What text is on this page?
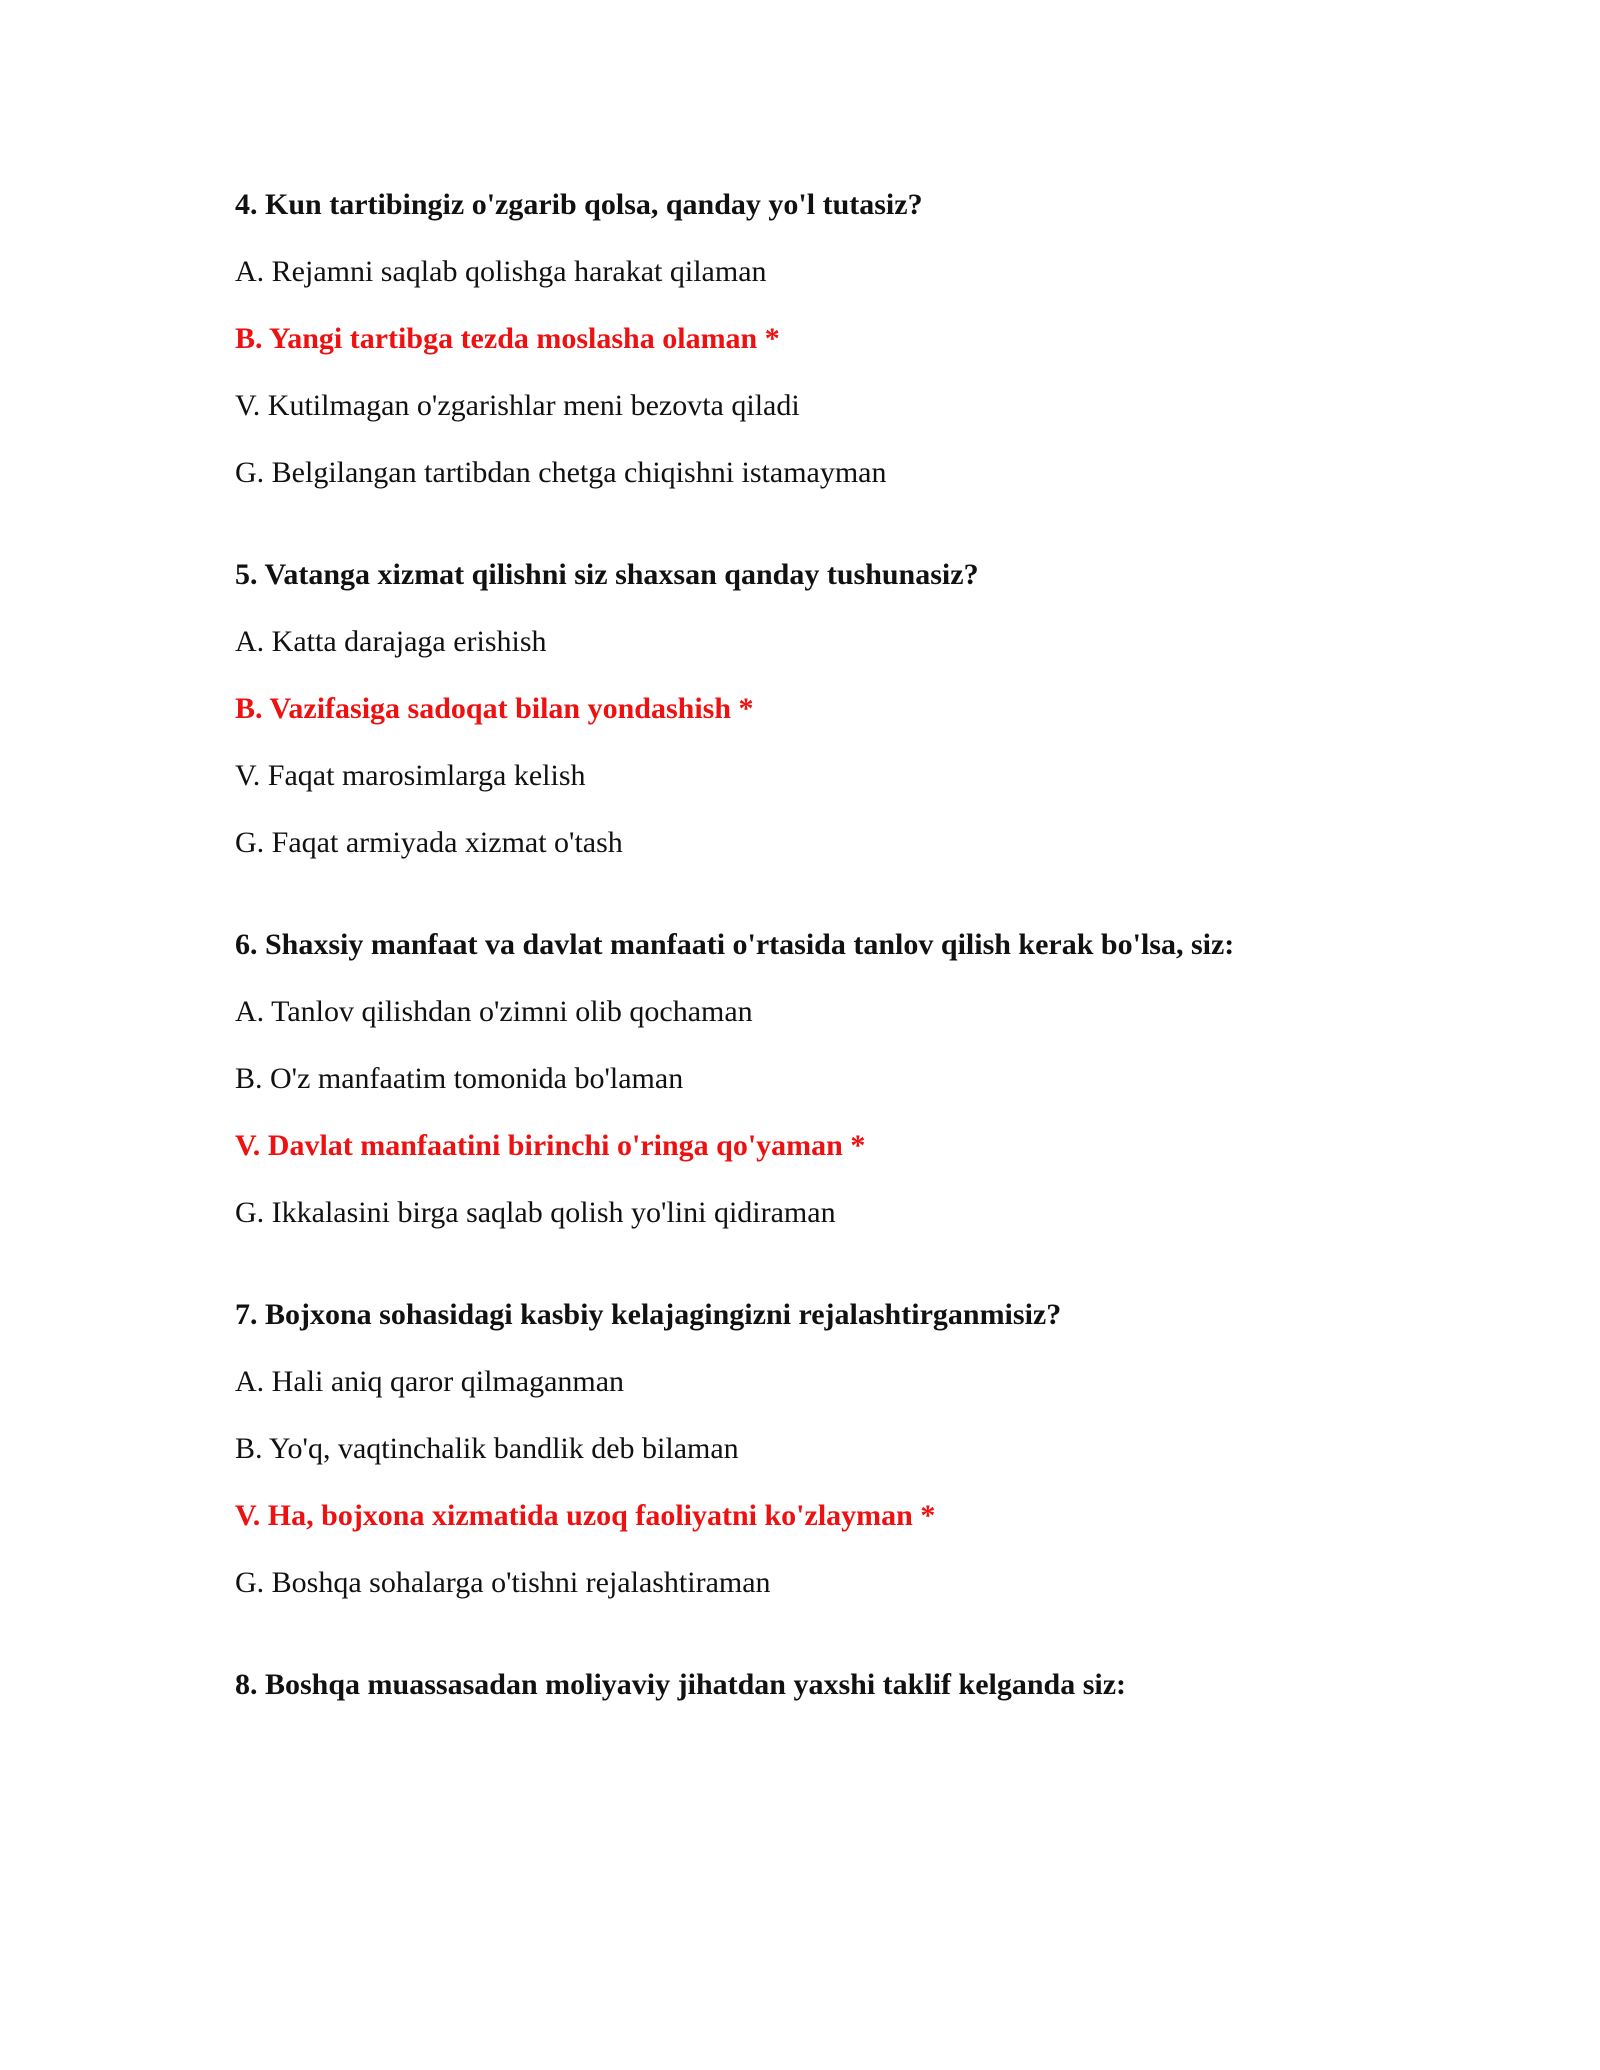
4. Kun tartibingiz o'zgarib qolsa, qanday yo'l tutasiz?

A. Rejamni saqlab qolishga harakat qilaman

B. Yangi tartibga tezda moslasha olaman *

V. Kutilmagan o'zgarishlar meni bezovta qiladi

G. Belgilangan tartibdan chetga chiqishni istamayman

5. Vatanga xizmat qilishni siz shaxsan qanday tushunasiz?

A. Katta darajaga erishish

B. Vazifasiga sadoqat bilan yondashish *

V. Faqat marosimlarga kelish

G. Faqat armiyada xizmat o'tash

6. Shaxsiy manfaat va davlat manfaati o'rtasida tanlov qilish kerak bo'lsa, siz:

A. Tanlov qilishdan o'zimni olib qochaman

B. O'z manfaatim tomonida bo'laman

V. Davlat manfaatini birinchi o'ringa qo'yaman *

G. Ikkalasini birga saqlab qolish yo'lini qidiraman

7. Bojxona sohasidagi kasbiy kelajagingizni rejalashtirganmisiz?

A. Hali aniq qaror qilmaganman

B. Yo'q, vaqtinchalik bandlik deb bilaman

V. Ha, bojxona xizmatida uzoq faoliyatni ko'zlayman *

G. Boshqa sohalarga o'tishni rejalashtiraman

8. Boshqa muassasadan moliyaviy jihatdan yaxshi taklif kelganda siz:
